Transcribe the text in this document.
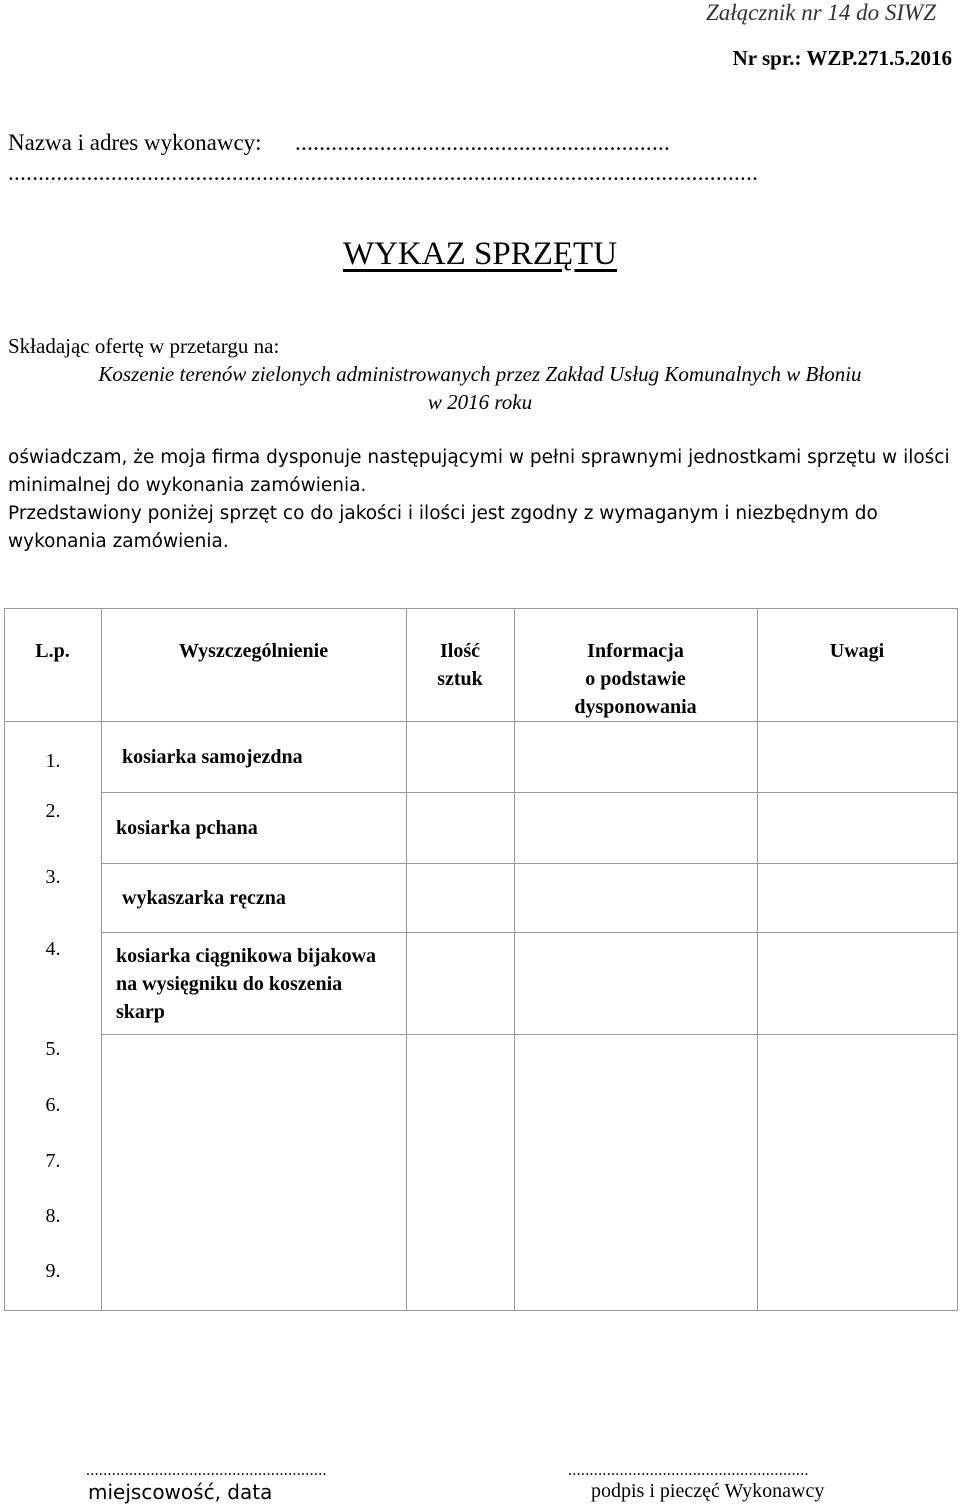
Załącznik nr 14 do SIWZ
Nr spr.: WZP.271.5.2016
Nazwa i adres wykonawcy: ..............................................................
............................................................................................................................
WYKAZ SPRZĘTU
Składając ofertę w przetargu na:
Koszenie terenów zielonych administrowanych przez Zakład Usług Komunalnych w Błoniu
w 2016 roku

oświadczam, że moja firma dysponuje następującymi w pełni sprawnymi jednostkami sprzętu w ilości minimalnej do wykonania zamówienia.

Przedstawiony poniżej sprzęt co do jakości i ilości jest zgodny z wymaganym i niezbędnym do wykonania zamówienia.

L.p.	Wyszczególnienie	Ilość
sztuk
Informacja
o podstawie
dysponowania
Uwagi
1.
2.
3.
4.
5.
6.
7.
8.
9.
kosiarka samojezdna
kosiarka pchana
wykaszarka ręczna
kosiarka ciągnikowa bijakowa na wysięgniku do koszenia skarp
........................................................
miejscowość, data
........................................................
podpis i pieczęć Wykonawcy
